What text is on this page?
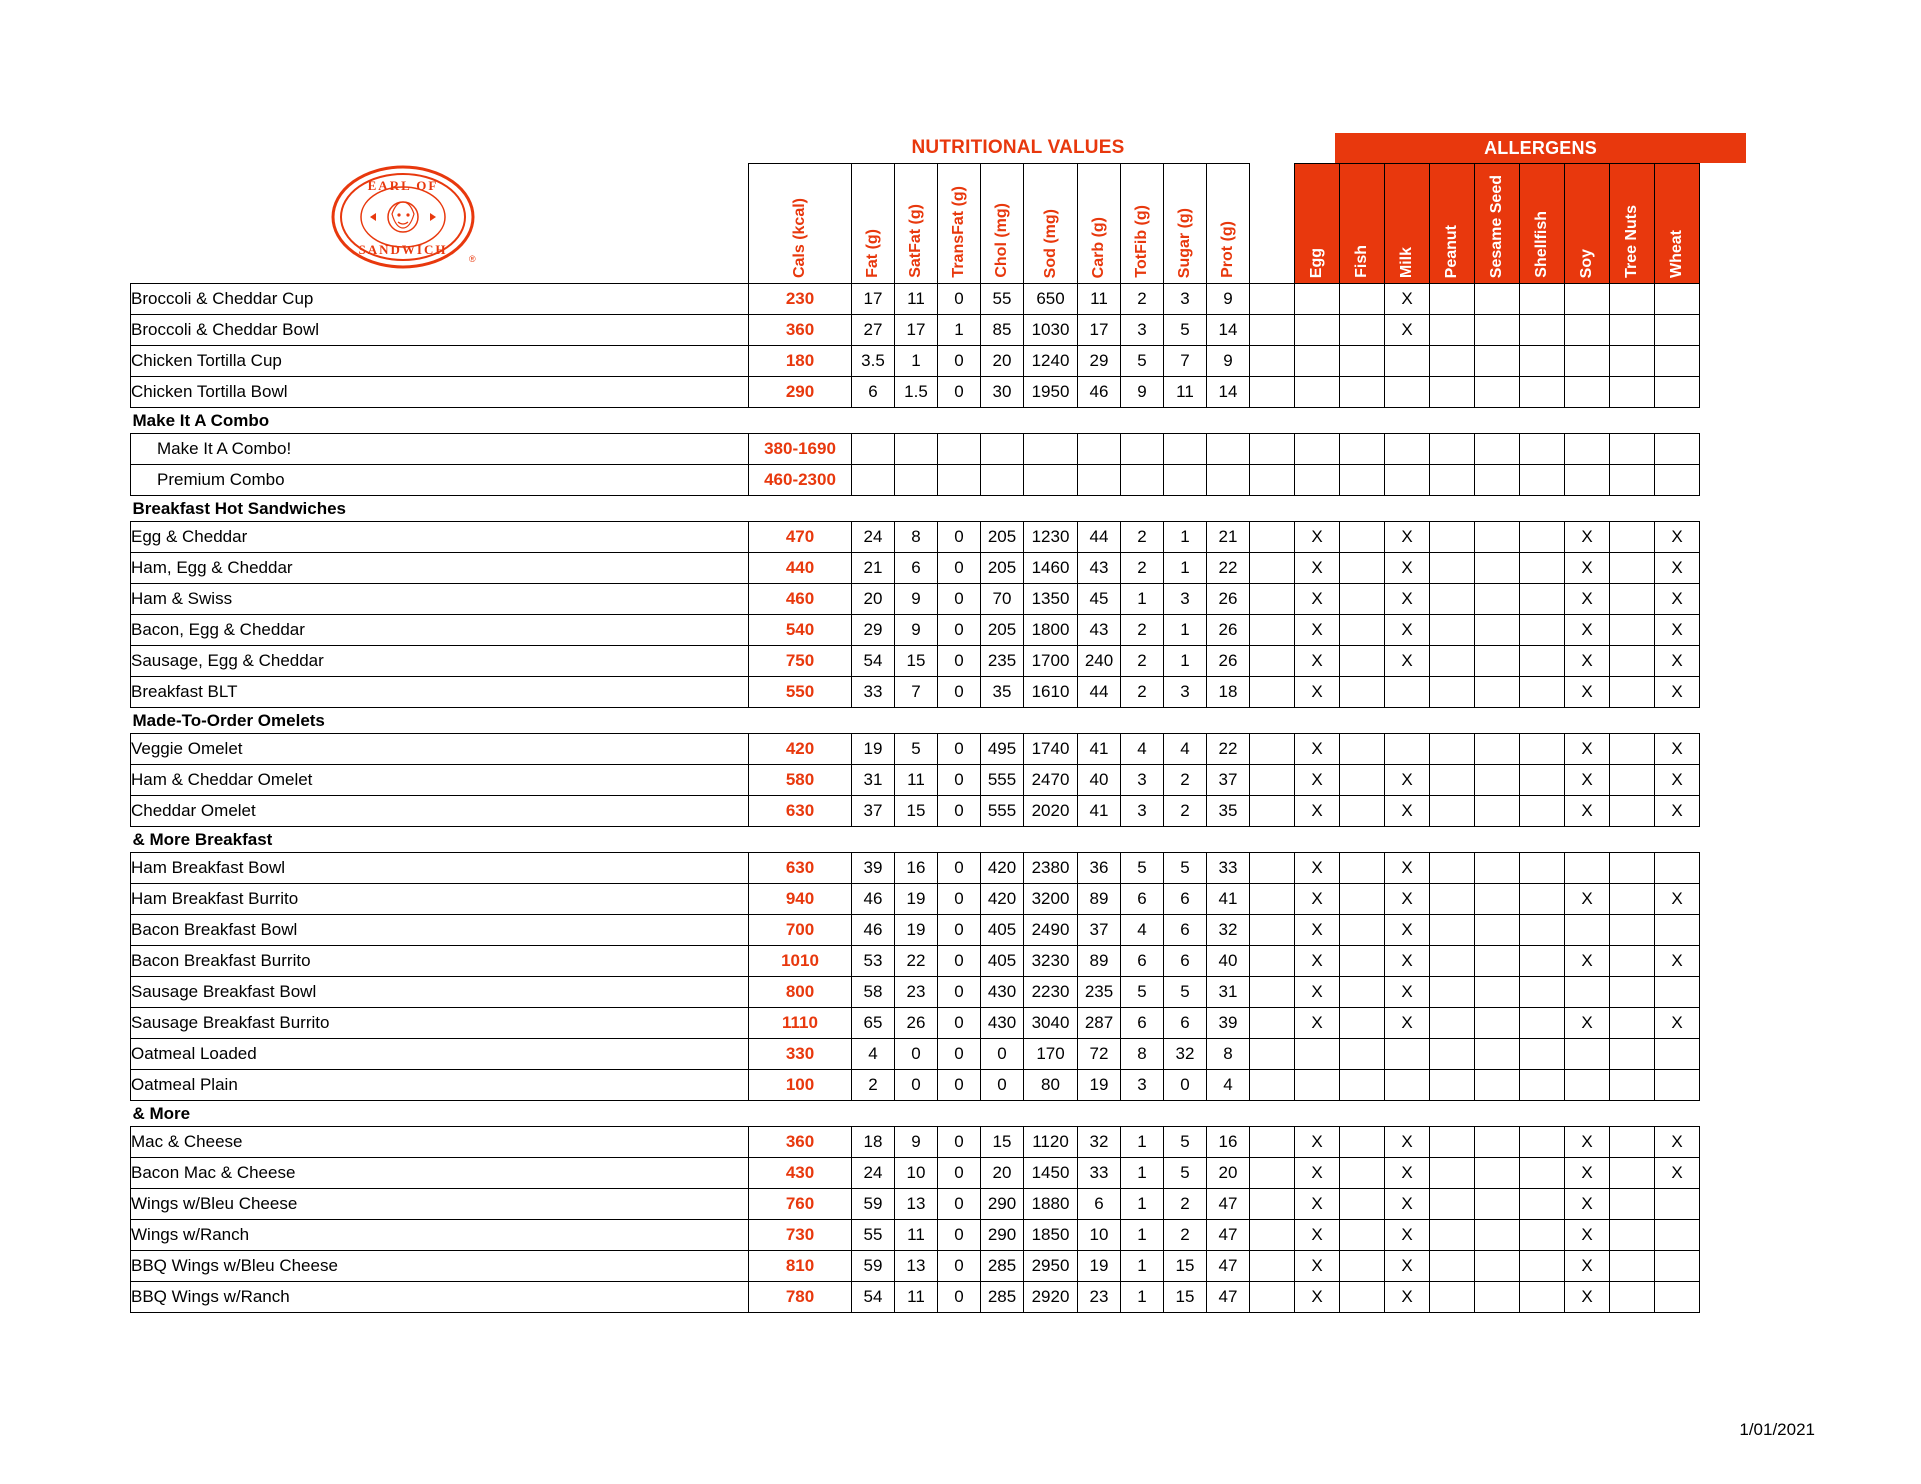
EARL OF
SANDWICH
®
NUTRITIONAL VALUES	ALLERGENS
	Cals (kcal)	Fat (g)	SatFat (g)	TransFat (g)	Chol (mg)	Sod (mg)	Carb (g)	TotFib (g)	Sugar (g)	Prot (g)		Egg	Fish	Milk	Peanut	Sesame Seed	Shellfish	Soy	Tree Nuts	Wheat
Broccoli & Cheddar Cup	230	17	11	0	55	650	11	2	3	9				X						
Broccoli & Cheddar Bowl	360	27	17	1	85	1030	17	3	5	14				X						
Chicken Tortilla Cup	180	3.5	1	0	20	1240	29	5	7	9										
Chicken Tortilla Bowl	290	6	1.5	0	30	1950	46	9	11	14										
Make It A Combo																				
Make It A Combo!	380-1690																			
Premium Combo	460-2300																			
Breakfast Hot Sandwiches																				
Egg & Cheddar	470	24	8	0	205	1230	44	2	1	21		X		X				X		X
Ham, Egg & Cheddar	440	21	6	0	205	1460	43	2	1	22		X		X				X		X
Ham & Swiss	460	20	9	0	70	1350	45	1	3	26		X		X				X		X
Bacon, Egg & Cheddar	540	29	9	0	205	1800	43	2	1	26		X		X				X		X
Sausage, Egg & Cheddar	750	54	15	0	235	1700	240	2	1	26		X		X				X		X
Breakfast BLT	550	33	7	0	35	1610	44	2	3	18		X						X		X
Made-To-Order Omelets																				
Veggie Omelet	420	19	5	0	495	1740	41	4	4	22		X						X		X
Ham & Cheddar Omelet	580	31	11	0	555	2470	40	3	2	37		X		X				X		X
Cheddar Omelet	630	37	15	0	555	2020	41	3	2	35		X		X				X		X
& More Breakfast																				
Ham Breakfast Bowl	630	39	16	0	420	2380	36	5	5	33		X		X						
Ham Breakfast Burrito	940	46	19	0	420	3200	89	6	6	41		X		X				X		X
Bacon Breakfast Bowl	700	46	19	0	405	2490	37	4	6	32		X		X						
Bacon Breakfast Burrito	1010	53	22	0	405	3230	89	6	6	40		X		X				X		X
Sausage Breakfast Bowl	800	58	23	0	430	2230	235	5	5	31		X		X						
Sausage Breakfast Burrito	1110	65	26	0	430	3040	287	6	6	39		X		X				X		X
Oatmeal Loaded	330	4	0	0	0	170	72	8	32	8										
Oatmeal Plain	100	2	0	0	0	80	19	3	0	4										
& More																				
Mac & Cheese	360	18	9	0	15	1120	32	1	5	16		X		X				X		X
Bacon Mac & Cheese	430	24	10	0	20	1450	33	1	5	20		X		X				X		X
Wings w/Bleu Cheese	760	59	13	0	290	1880	6	1	2	47		X		X				X		
Wings w/Ranch	730	55	11	0	290	1850	10	1	2	47		X		X				X		
BBQ Wings w/Bleu Cheese	810	59	13	0	285	2950	19	1	15	47		X		X				X		
BBQ Wings w/Ranch	780	54	11	0	285	2920	23	1	15	47		X		X				X		
1/01/2021
